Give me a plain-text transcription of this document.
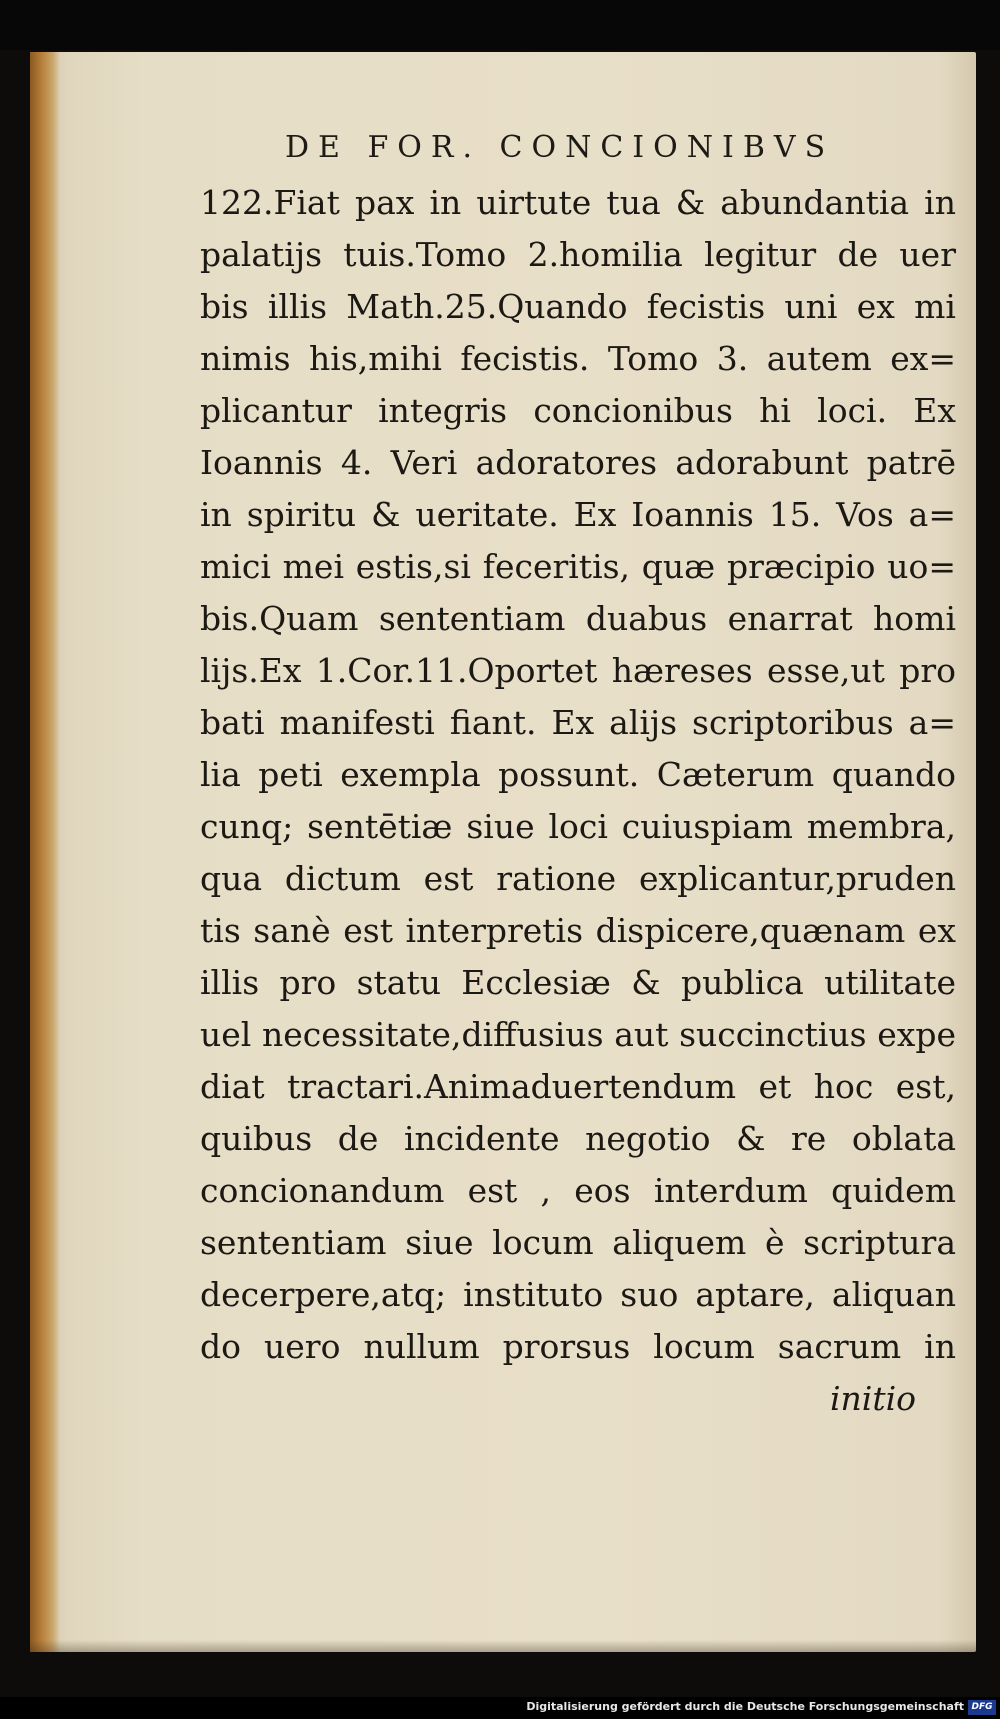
DE FOR. CONCIONIBVS
122.Fiat pax in uirtute tua & abundantia in
palatijs tuis.Tomo 2.homilia legitur de uer
bis illis Math.25.Quando fecistis uni ex mi
nimis his,mihi fecistis. Tomo 3. autem ex=
plicantur integris concionibus hi loci. Ex
Ioannis 4. Veri adoratores adorabunt patrē
in spiritu & ueritate. Ex Ioannis 15. Vos a=
mici mei estis,si feceritis, quæ præcipio uo=
bis.Quam sententiam duabus enarrat homi
lijs.Ex 1.Cor.11.Oportet hæreses esse,ut pro
bati manifesti fiant. Ex alijs scriptoribus a=
lia peti exempla possunt. Cæterum quando
cunq; sentētiæ siue loci cuiuspiam membra,
qua dictum est ratione explicantur,pruden
tis sanè est interpretis dispicere,quænam ex
illis pro statu Ecclesiæ & publica utilitate
uel necessitate,diffusius aut succinctius expe
diat tractari.Animaduertendum et hoc est,
quibus de incidente negotio & re oblata
concionandum est , eos interdum quidem
sententiam siue locum aliquem è scriptura
decerpere,atq; instituto suo aptare, aliquan
do uero nullum prorsus locum sacrum in
initio
Digitalisierung gefördert durch die Deutsche Forschungsgemeinschaft DFG
